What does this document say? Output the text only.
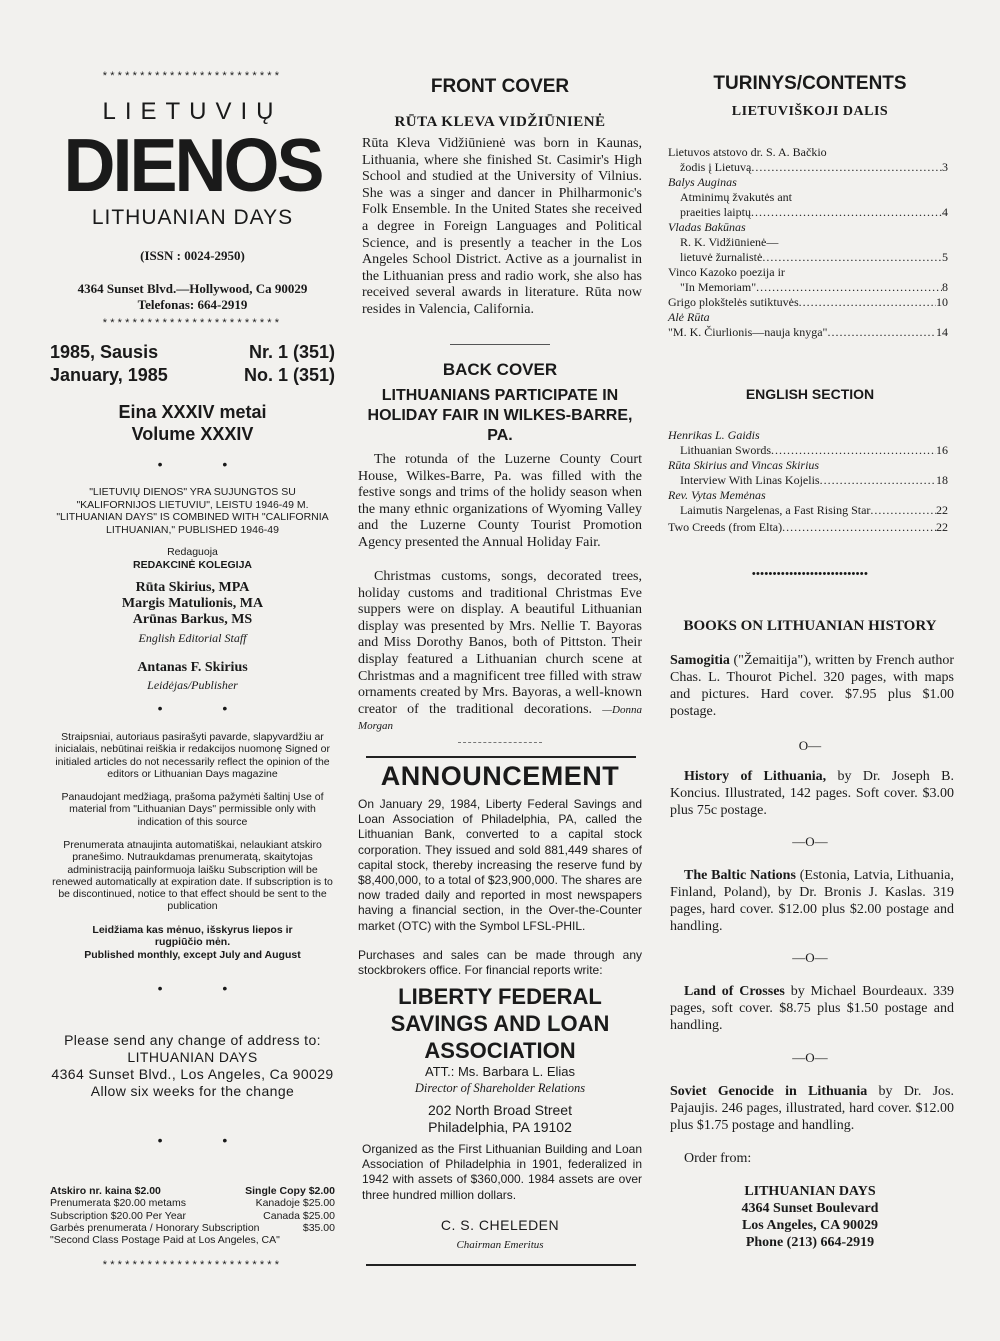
************************
LIETUVIŲ
DIENOS
LITHUANIAN DAYS
(ISSN : 0024-2950)
4364 Sunset Blvd.—Hollywood, Ca 90029
Telefonas: 664-2919
************************
1985, Sausis	Nr. 1 (351)
January, 1985	No. 1 (351)
Eina XXXIV metai
Volume XXXIV
• •
"LIETUVIŲ DIENOS" YRA SUJUNGTOS SU "KALIFORNIJOS LIETUVIU", LEISTU 1946-49 M. "LITHUANIAN DAYS" IS COMBINED WITH "CALIFORNIA LITHUANIAN," PUBLISHED 1946-49
Redaguoja
REDAKCINĖ KOLEGIJA
Rūta Skirius, MPA
Margis Matulionis, MA
Arūnas Barkus, MS
English Editorial Staff
Antanas F. Skirius
Leidėjas/Publisher
• •
Straipsniai, autoriaus pasirašyti pavarde, slapyvardžiu ar inicialais, nebūtinai reiškia ir redakcijos nuomonę Signed or initialed articles do not necessarily reflect the opinion of the editors or Lithuanian Days magazine
Panaudojant medžiagą, prašoma pažymėti šaltinį Use of material from "Lithuanian Days" permissible only with indication of this source
Prenumerata atnaujinta automatiškai, nelaukiant atskiro pranešimo. Nutraukdamas prenumeratą, skaitytojas administraciją painformuoja laišku Subscription will be renewed automatically at expiration date. If subscription is to be discontinued, notice to that effect should be sent to the publication
Leidžiama kas mėnuo, išskyrus liepos ir rugpiūčio mėn.
Published monthly, except July and August
• •
Please send any change of address to:
LITHUANIAN DAYS
4364 Sunset Blvd., Los Angeles, Ca 90029
Allow six weeks for the change
• •
Atskiro nr. kaina $2.00	Single Copy $2.00
Prenumerata $20.00 metams	Kanadoje $25.00
Subscription $20.00 Per Year	Canada $25.00
Garbės prenumerata / Honorary Subscription	$35.00
"Second Class Postage Paid at Los Angeles, CA"
************************
FRONT COVER
RŪTA KLEVA VIDŽIŪNIENĖ
Rūta Kleva Vidžiūnienė was born in Kaunas, Lithuania, where she finished St. Casimir's High School and studied at the University of Vilnius. She was a singer and dancer in Philharmonic's Folk Ensemble. In the United States she received a degree in Foreign Languages and Political Science, and is presently a teacher in the Los Angeles School District. Active as a journalist in the Lithuanian press and radio work, she also has received several awards in literature. Rūta now resides in Valencia, California.
BACK COVER
LITHUANIANS PARTICIPATE IN HOLIDAY FAIR IN WILKES-BARRE, PA.
The rotunda of the Luzerne County Court House, Wilkes-Barre, Pa. was filled with the festive songs and trims of the holidy season when the many ethnic organizations of Wyoming Valley and the Luzerne County Tourist Promotion Agency presented the Annual Holiday Fair.
Christmas customs, songs, decorated trees, holiday customs and traditional Christmas Eve suppers were on display. A beautiful Lithuanian display was presented by Mrs. Nellie T. Bayoras and Miss Dorothy Banos, both of Pittston. Their display featured a Lithuanian church scene at Christmas and a magnificent tree filled with straw ornaments created by Mrs. Bayoras, a well-known creator of the traditional decorations. —Donna Morgan
ANNOUNCEMENT
On January 29, 1984, Liberty Federal Savings and Loan Association of Philadelphia, PA, called the Lithuanian Bank, converted to a capital stock corporation. They issued and sold 881,449 shares of capital stock, thereby increasing the reserve fund by $8,400,000, to a total of $23,900,000. The shares are now traded daily and reported in most newspapers having a financial section, in the Over-the-Counter market (OTC) with the Symbol LFSL-PHIL.
Purchases and sales can be made through any stockbrokers office. For financial reports write:
LIBERTY FEDERAL SAVINGS AND LOAN ASSOCIATION
ATT.: Ms. Barbara L. Elias
Director of Shareholder Relations
202 North Broad Street
Philadelphia, PA 19102
Organized as the First Lithuanian Building and Loan Association of Philadelphia in 1901, federalized in 1942 with assets of $360,000. 1984 assets are over three hundred million dollars.
C. S. CHELEDEN
Chairman Emeritus
TURINYS/CONTENTS
LIETUVIŠKOJI DALIS
Lietuvos atstovo dr. S. A. Bačkio
žodis į Lietuvą .....	3
Balys Auginas
Atminimų žvakutės ant
praeities laiptų .....	4
Vladas Bakūnas
R. K. Vidžiūnienė—
lietuvė žurnalistė .....	5
Vinco Kazoko poezija ir
"In Memoriam" .....	8
Grigo plokštelės sutiktuvės .....	10
Alė Rūta
"M. K. Čiurlionis—nauja knyga" .....	14
ENGLISH SECTION
Henrikas L. Gaidis
Lithuanian Swords .....	16
Rūta Skirius and Vincas Skirius
Interview With Linas Kojelis .....	18
Rev. Vytas Memėnas
Laimutis Nargelenas, a Fast Rising Star .....	22
Two Creeds (from Elta) .....	22
••••••••••••••••••••••••••••
BOOKS ON LITHUANIAN HISTORY
Samogitia ("Žemaitija"), written by French author Chas. L. Thourot Pichel. 320 pages, with maps and pictures. Hard cover. $7.95 plus $1.00 postage.
O—
History of Lithuania, by Dr. Joseph B. Koncius. Illustrated, 142 pages. Soft cover. $3.00 plus 75c postage.
—O—
The Baltic Nations (Estonia, Latvia, Lithuania, Finland, Poland), by Dr. Bronis J. Kaslas. 319 pages, hard cover. $12.00 plus $2.00 postage and handling.
—O—
Land of Crosses by Michael Bourdeaux. 339 pages, soft cover. $8.75 plus $1.50 postage and handling.
—O—
Soviet Genocide in Lithuania by Dr. Jos. Pajaujis. 246 pages, illustrated, hard cover. $12.00 plus $1.75 postage and handling.
Order from:
LITHUANIAN DAYS
4364 Sunset Boulevard
Los Angeles, CA 90029
Phone (213) 664-2919
